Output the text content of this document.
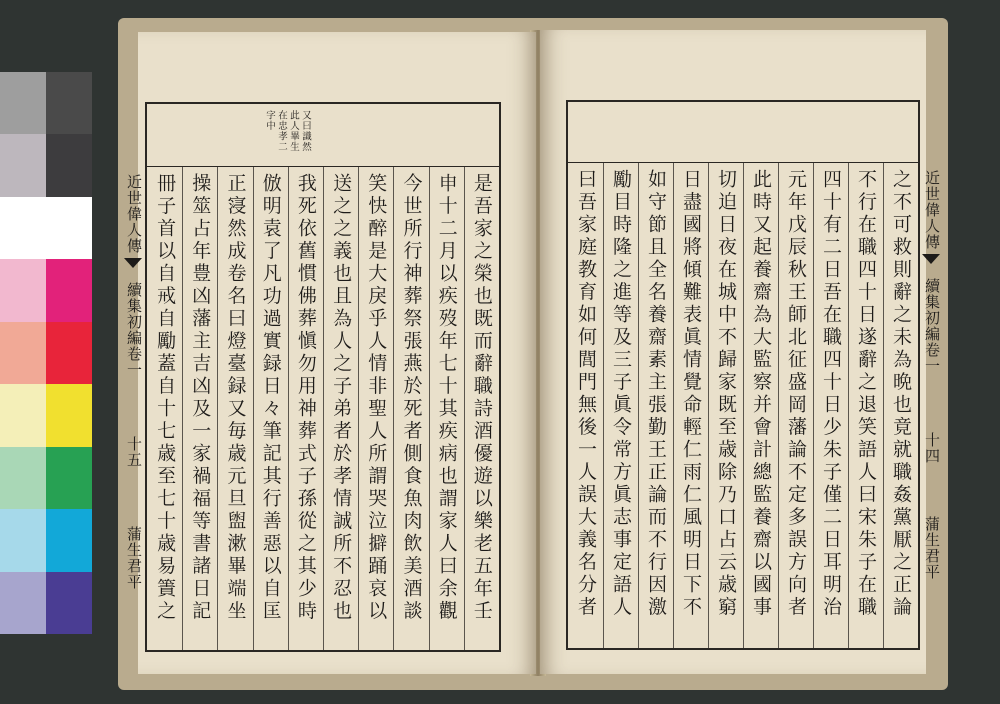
是吾家之榮也既而辭職詩酒優遊以樂老五年壬
申十二月以疾歿年七十其疾病也謂家人曰余觀
今世所行神葬祭張燕於死者側食魚肉飲美酒談
笑快醉是大戾乎人情非聖人所謂哭泣擗踊哀以
送之之義也且為人之子弟者於孝情誠所不忍也
我死依舊慣佛葬愼勿用神葬式子孫從之其少時
倣明袁了凡功過實録日々筆記其行善惡以自匡
正寖然成卷名曰燈臺録又毎歳元旦盥漱畢端坐
操筮占年豊凶藩主吉凶及一家禍福等書諸日記
冊子首以自戒自勵蓋自十七歳至七十歳易簀之
又曰識然
此人畢生
在忠孝二
字中
近世偉人傳
續集初編卷一
十五
蒲生君平	之不可救則辭之未為晩也竟就職姦黨厭之正論
不行在職四十日遂辭之退笑語人曰宋朱子在職
四十有二日吾在職四十日少朱子僅二日耳明治
元年戊辰秋王師北征盛岡藩論不定多誤方向者
此時又起養齋為大監察并會計總監養齋以國事
切迫日夜在城中不歸家既至歳除乃口占云歳窮
日盡國將傾難表眞情覺命輕仁雨仁風明日下不
如守節且全名養齋素主張勤王正論而不行因激
勵目時隆之進等及三子眞令常方眞志事定語人
曰吾家庭教育如何閭門無後一人誤大義名分者	近世偉人傳
續集初編卷一
十四
蒲生君平
